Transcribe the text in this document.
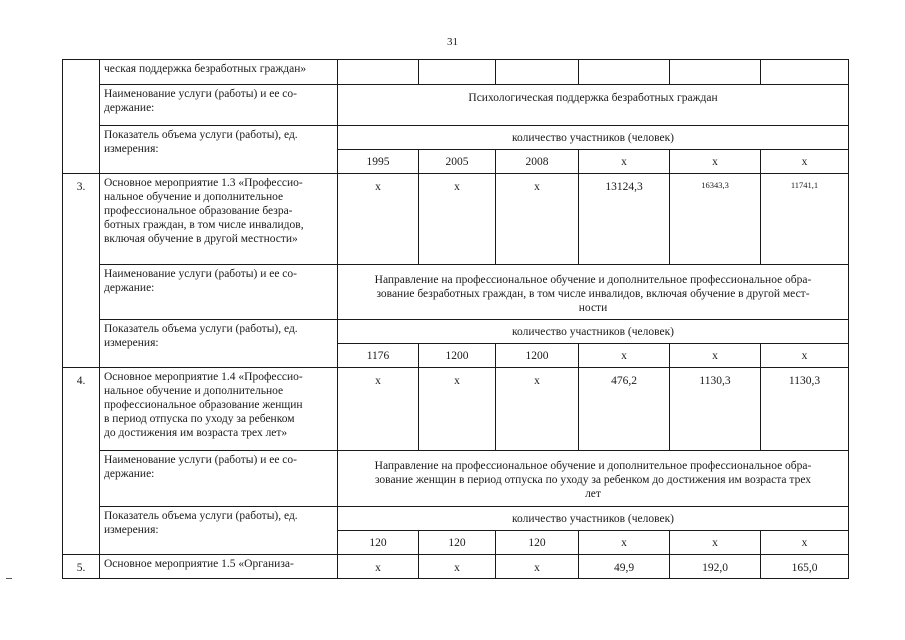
31
	ческая поддержка безработных граждан»						
	Наименование услуги (работы) и ее со-
держание:	Психологическая поддержка безработных граждан					
	Показатель объема услуги (работы), ед.
измерения:	количество участников (человек)					
		1995	2005	2008	х	х	х
3.	Основное мероприятие 1.3 «Профессио-
нальное обучение и дополнительное
профессиональное образование безра-
ботных граждан, в том числе инвалидов,
включая обучение в другой местности»	х	х	х	13124,3	16343,3	11741,1
	Наименование услуги (работы) и ее со-
держание:	Направление на профессиональное обучение и дополнительное профессиональное обра-
зование безработных граждан, в том числе инвалидов, включая обучение в другой мест-
ности					
	Показатель объема услуги (работы), ед.
измерения:	количество участников (человек)					
		1176	1200	1200	х	х	х
4.	Основное мероприятие 1.4 «Профессио-
нальное обучение и дополнительное
профессиональное образование женщин
в период отпуска по уходу за ребенком
до достижения им возраста трех лет»	х	х	х	476,2	1130,3	1130,3
	Наименование услуги (работы) и ее со-
держание:	Направление на профессиональное обучение и дополнительное профессиональное обра-
зование женщин в период отпуска по уходу за ребенком до достижения им возраста трех
лет					
	Показатель объема услуги (работы), ед.
измерения:	количество участников (человек)					
		120	120	120	х	х	х
5.	Основное мероприятие 1.5 «Организа-	х	х	х	49,9	192,0	165,0
